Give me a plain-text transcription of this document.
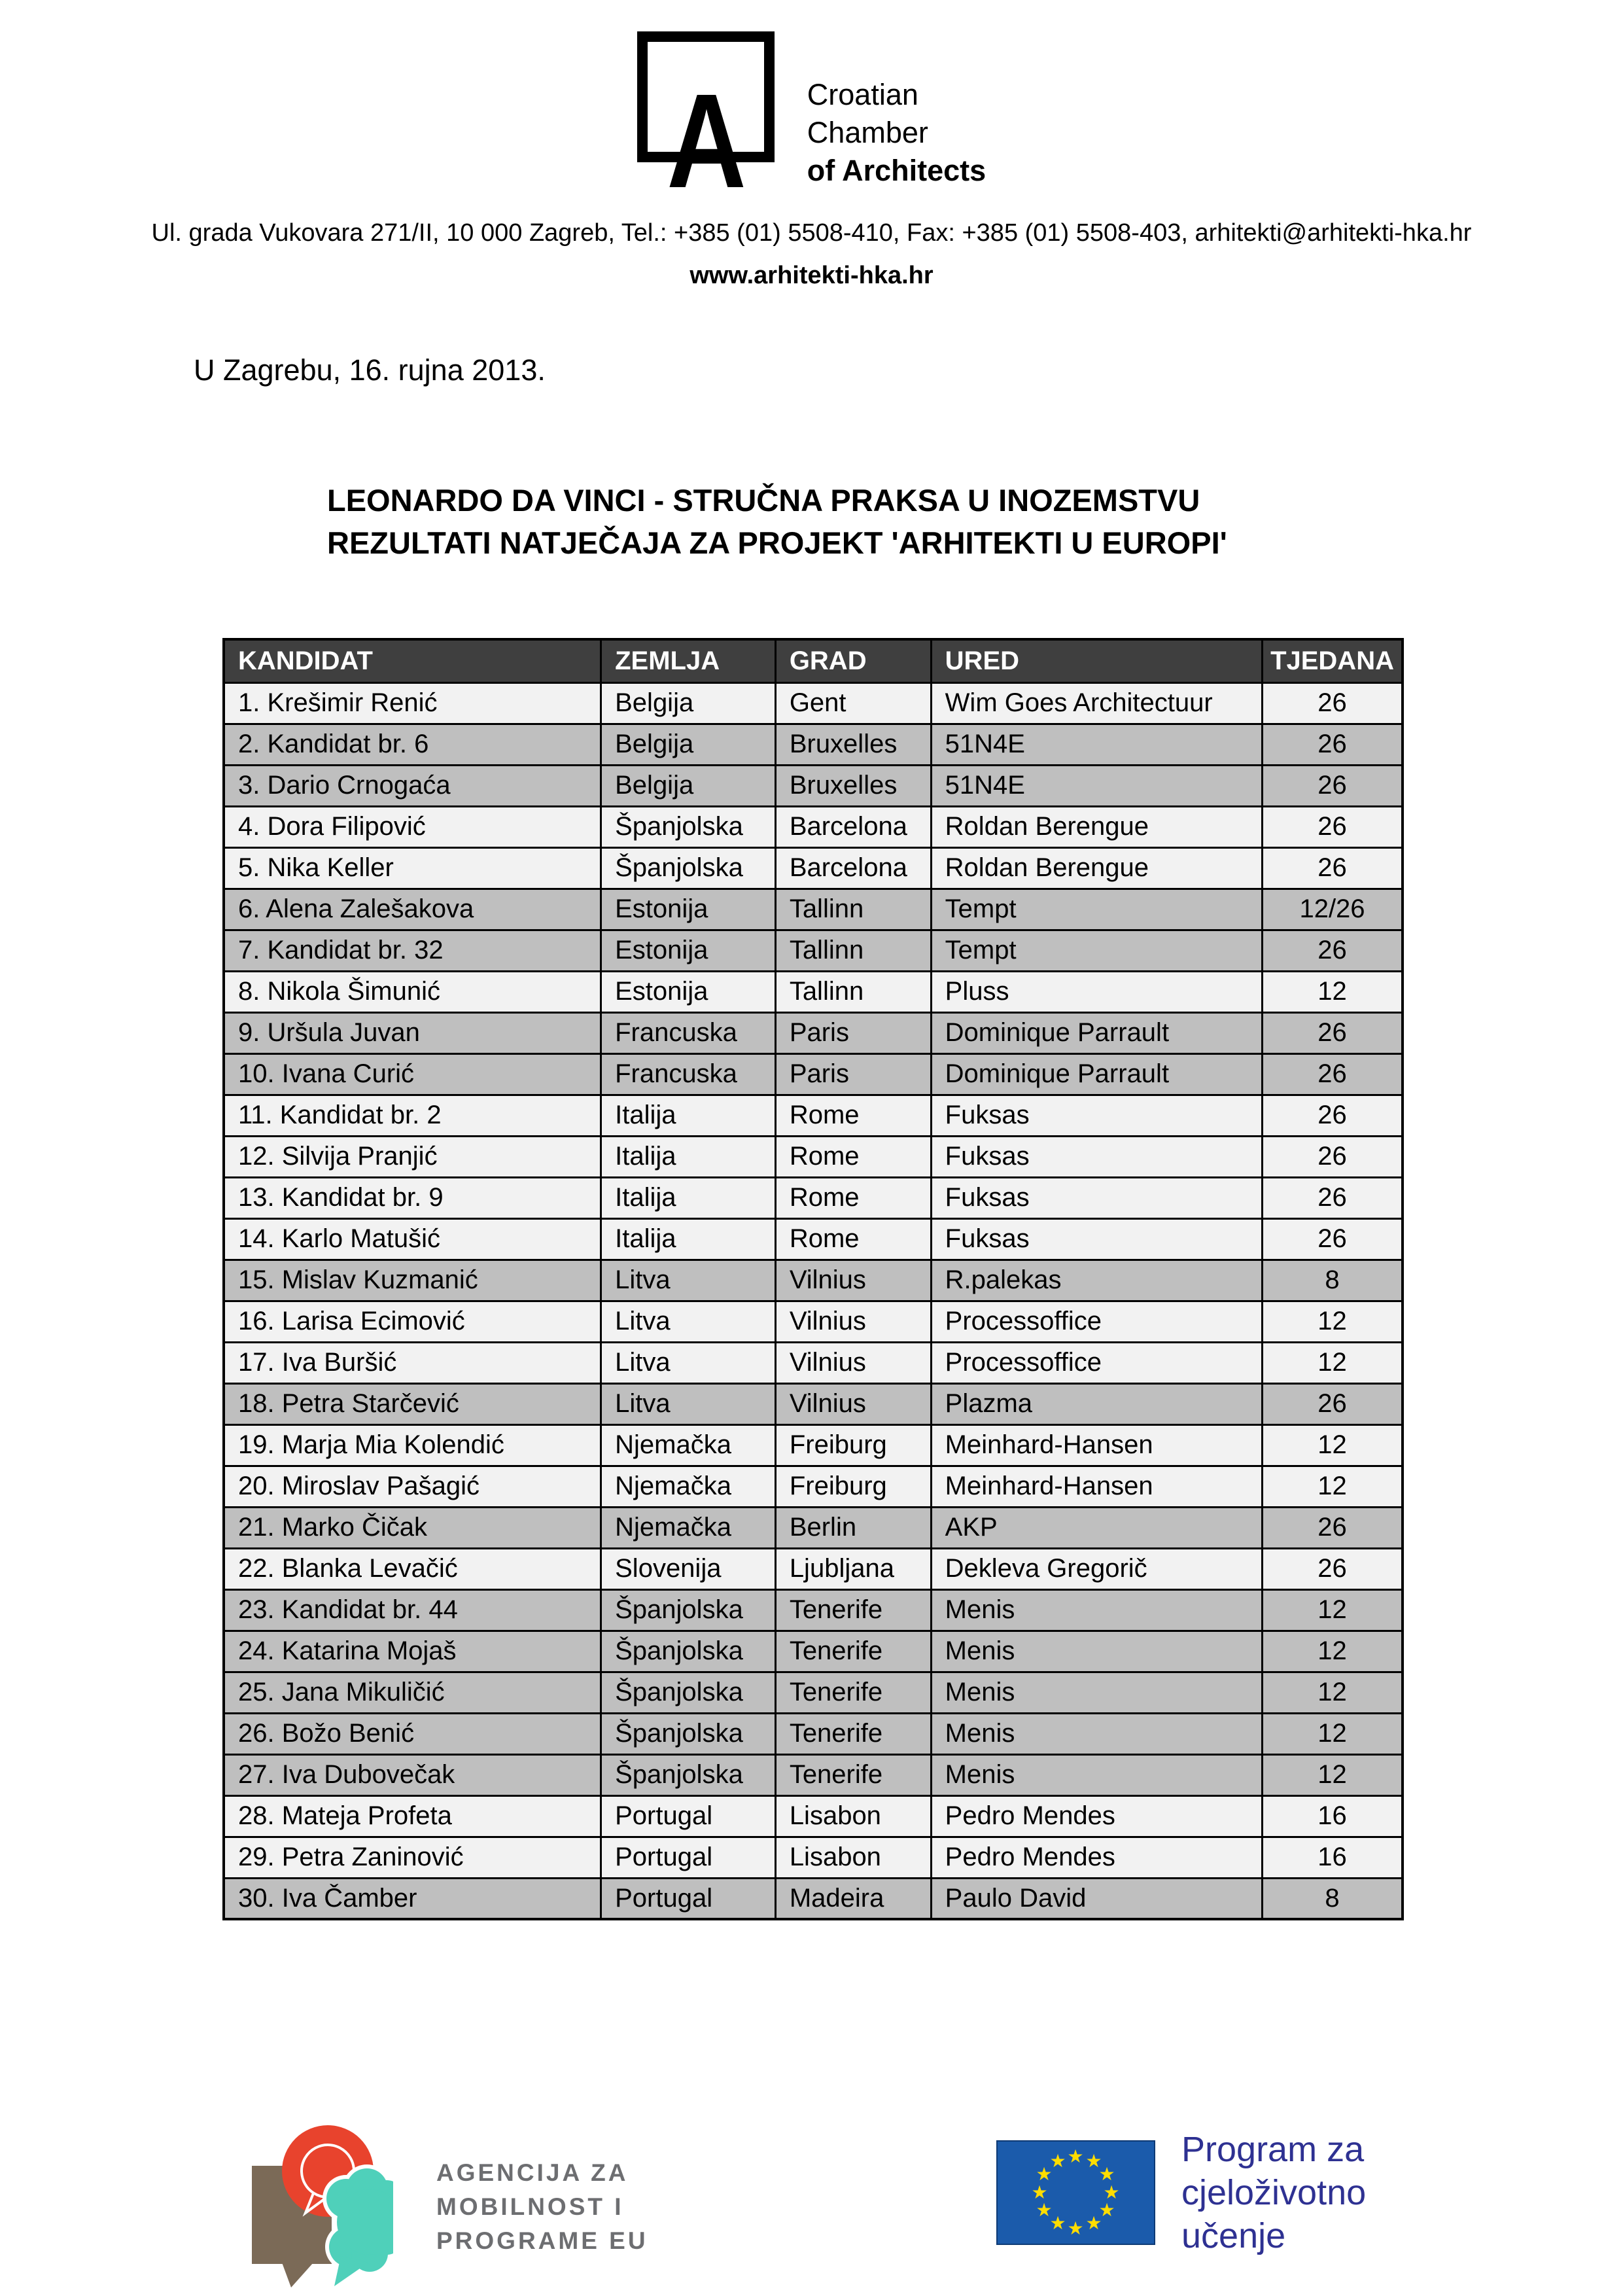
A Croatian
Chamber
of Architects
Ul. grada Vukovara 271/II, 10 000 Zagreb, Tel.: +385 (01) 5508-410, Fax: +385 (01) 5508-403, arhitekti@arhitekti-hka.hr
www.arhitekti-hka.hr
U Zagrebu, 16. rujna 2013.
LEONARDO DA VINCI - STRUČNA PRAKSA U INOZEMSTVU
REZULTATI NATJEČAJA ZA PROJEKT 'ARHITEKTI U EUROPI'
KANDIDAT	ZEMLJA	GRAD	URED	TJEDANA
1. Krešimir Renić	Belgija	Gent	Wim Goes Architectuur	26
2. Kandidat br. 6	Belgija	Bruxelles	51N4E	26
3. Dario Crnogaća	Belgija	Bruxelles	51N4E	26
4. Dora Filipović	Španjolska	Barcelona	Roldan Berengue	26
5. Nika Keller	Španjolska	Barcelona	Roldan Berengue	26
6. Alena Zalešakova	Estonija	Tallinn	Tempt	12/26
7. Kandidat br. 32	Estonija	Tallinn	Tempt	26
8. Nikola Šimunić	Estonija	Tallinn	Pluss	12
9. Uršula Juvan	Francuska	Paris	Dominique Parrault	26
10. Ivana Curić	Francuska	Paris	Dominique Parrault	26
11. Kandidat br. 2	Italija	Rome	Fuksas	26
12. Silvija Pranjić	Italija	Rome	Fuksas	26
13. Kandidat br. 9	Italija	Rome	Fuksas	26
14. Karlo Matušić	Italija	Rome	Fuksas	26
15. Mislav Kuzmanić	Litva	Vilnius	R.palekas	8
16. Larisa Ecimović	Litva	Vilnius	Processoffice	12
17. Iva Buršić	Litva	Vilnius	Processoffice	12
18. Petra Starčević	Litva	Vilnius	Plazma	26
19. Marja Mia Kolendić	Njemačka	Freiburg	Meinhard-Hansen	12
20. Miroslav Pašagić	Njemačka	Freiburg	Meinhard-Hansen	12
21. Marko Čičak	Njemačka	Berlin	AKP	26
22. Blanka Levačić	Slovenija	Ljubljana	Dekleva Gregorič	26
23. Kandidat br. 44	Španjolska	Tenerife	Menis	12
24. Katarina Mojaš	Španjolska	Tenerife	Menis	12
25. Jana Mikuličić	Španjolska	Tenerife	Menis	12
26. Božo Benić	Španjolska	Tenerife	Menis	12
27. Iva Dubovečak	Španjolska	Tenerife	Menis	12
28. Mateja Profeta	Portugal	Lisabon	Pedro Mendes	16
29. Petra Zaninović	Portugal	Lisabon	Pedro Mendes	16
30. Iva Čamber	Portugal	Madeira	Paulo David	8
AGENCIJA ZA
MOBILNOST I
PROGRAME EU
★ ★
★
★
★
★
★
★
★
★
★
★	Program za
cjeloživotno
učenje
